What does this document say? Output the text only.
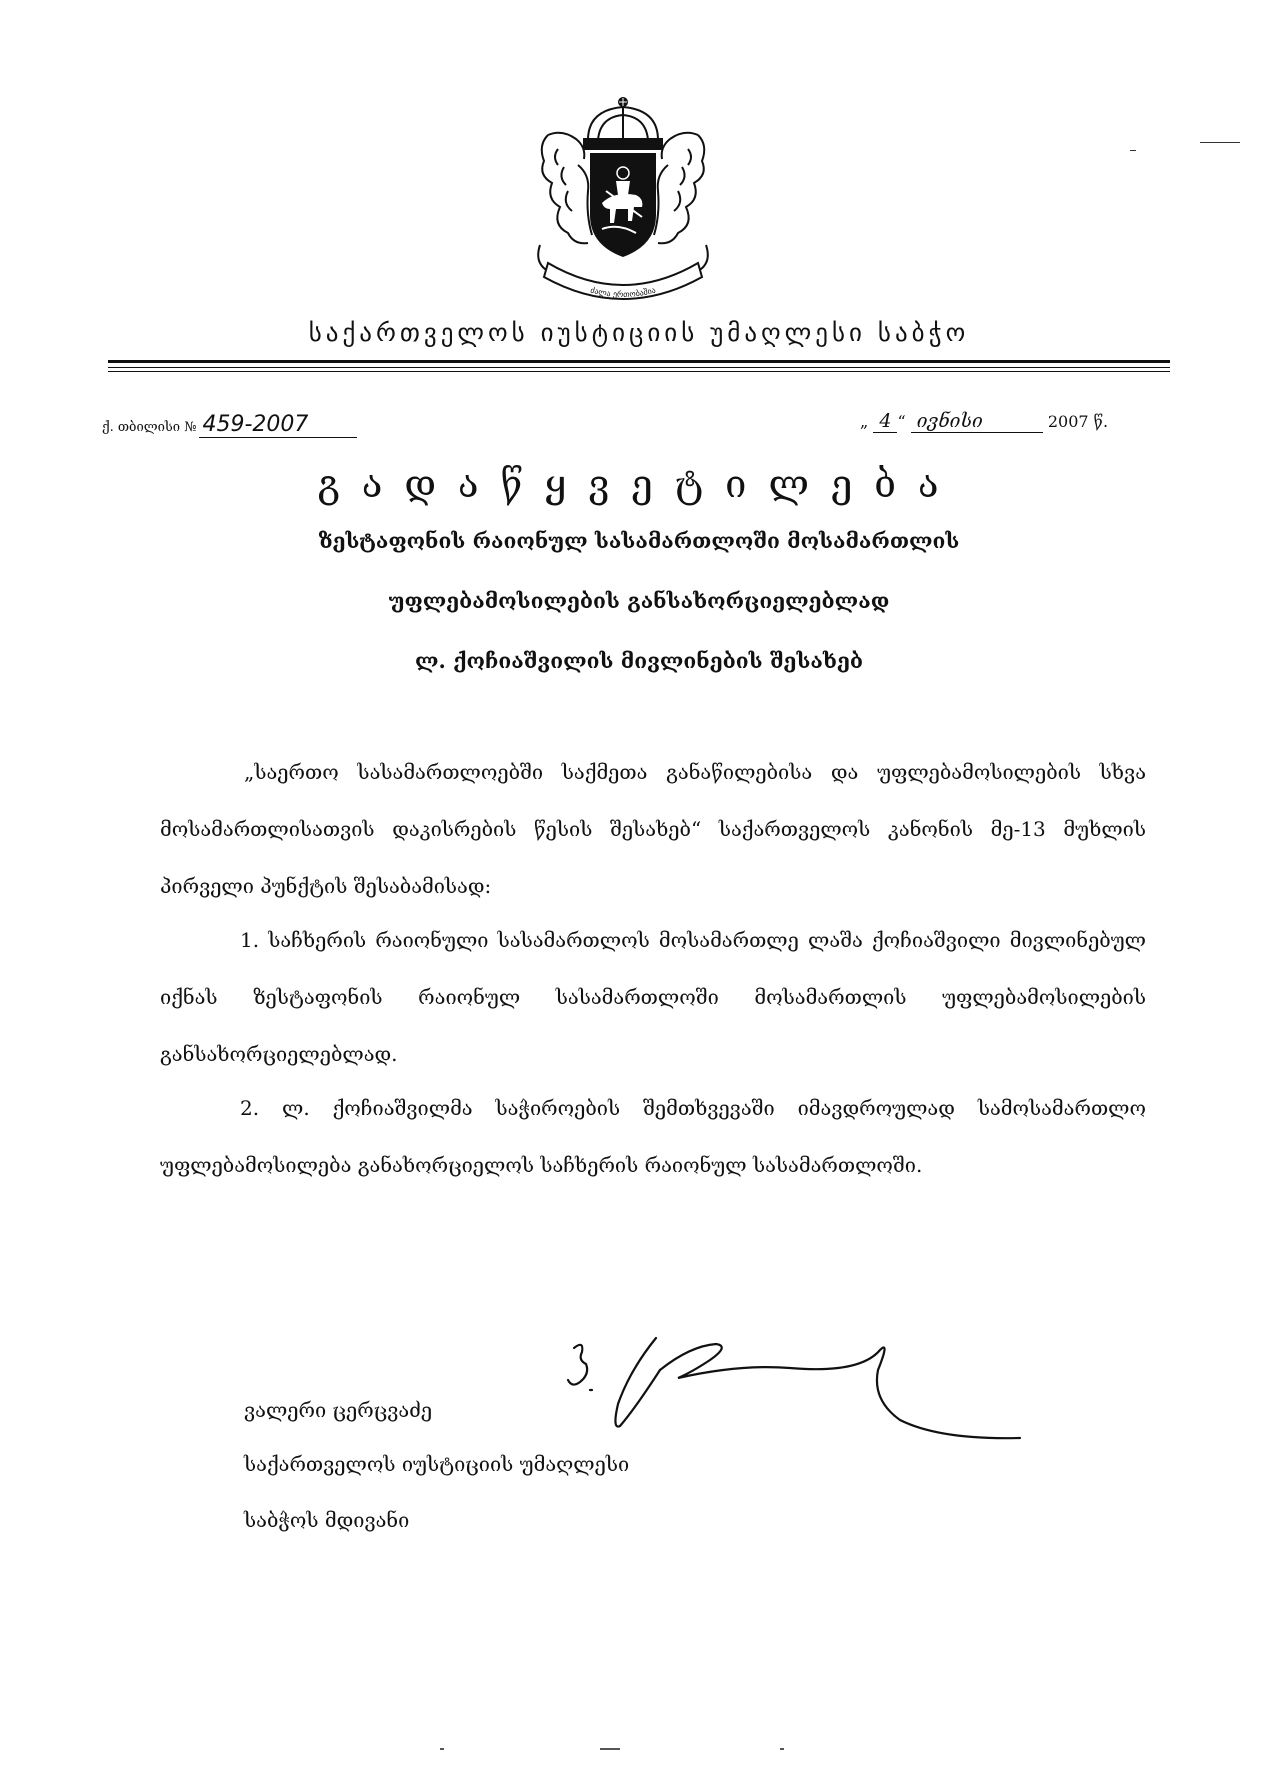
ძალა ერთობაშია
საქართველოს იუსტიციის უმაღლესი საბჭო
ქ. თბილისი № 459-2007	„ 4 “ ივნისი	2007 წ.
გადაწყვეტილება
ზესტაფონის რაიონულ სასამართლოში მოსამართლის
უფლებამოსილების განსახორციელებლად
ლ. ქოჩიაშვილის მივლინების შესახებ
„საერთო სასამართლოებში საქმეთა განაწილებისა და უფლებამოსილების სხვა მოსამართლისათვის დაკისრების წესის შესახებ“ საქართველოს კანონის მე-13 მუხლის პირველი პუნქტის შესაბამისად:
1. საჩხერის რაიონული სასამართლოს მოსამართლე ლაშა ქოჩიაშვილი მივლინებულ იქნას ზესტაფონის რაიონულ სასამართლოში მოსამართლის უფლებამოსილების განსახორციელებლად.
2. ლ. ქოჩიაშვილმა საჭიროების შემთხვევაში იმავდროულად სამოსამართლო უფლებამოსილება განახორციელოს საჩხერის რაიონულ სასამართლოში.
ვალერი ცერცვაძე
საქართველოს იუსტიციის უმაღლესი
საბჭოს მდივანი
